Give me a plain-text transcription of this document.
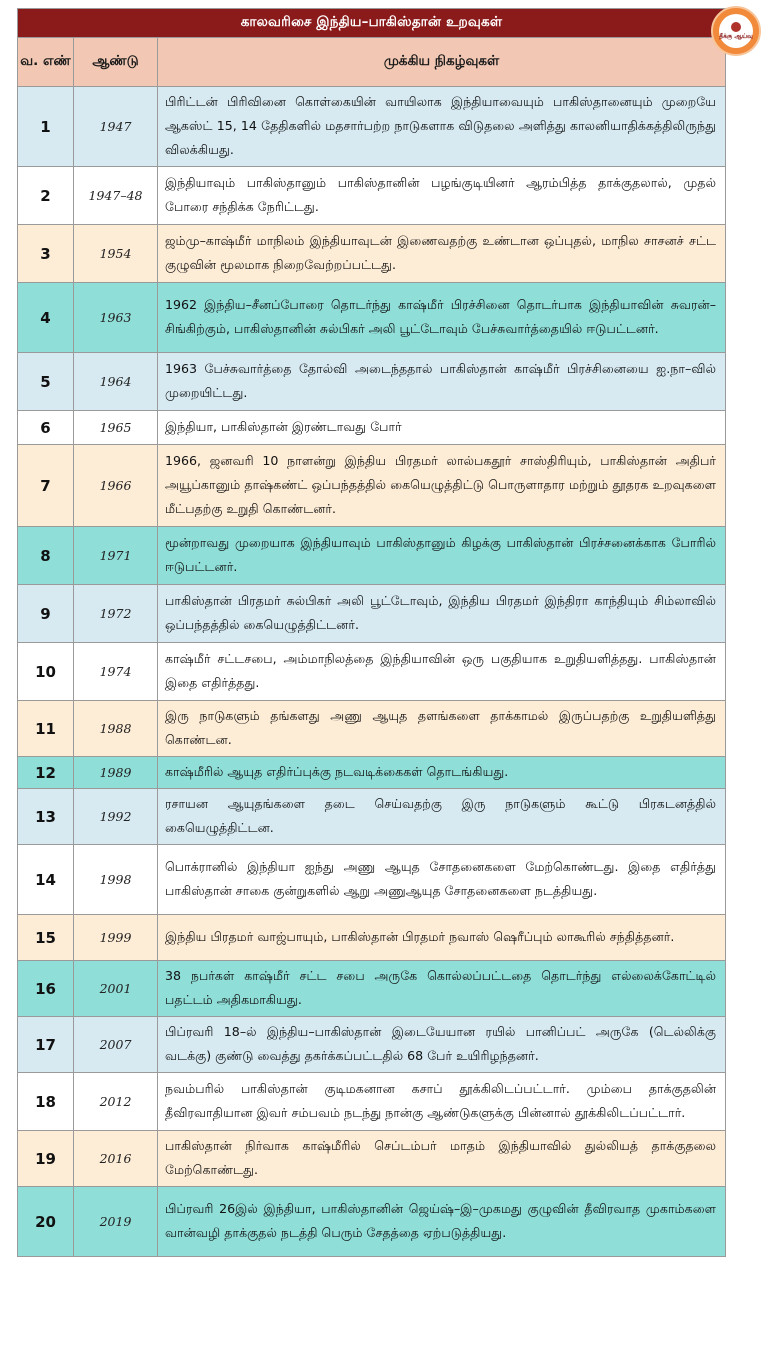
காலவரிசை இந்திய–பாகிஸ்தான் உறவுகள்		
வ. எண்	ஆண்டு	முக்கிய நிகழ்வுகள்
1	1947	பிரிட்டன் பிரிவினை கொள்கையின் வாயிலாக இந்தியாவையும் பாகிஸ்தானையும் முறையே ஆகஸ்ட் 15, 14 தேதிகளில் மதசார்பற்ற நாடுகளாக விடுதலை அளித்து காலனியாதிக்கத்திலிருந்து விலக்கியது.
2	1947–48	இந்தியாவும் பாகிஸ்தானும் பாகிஸ்தானின் பழங்குடியினர் ஆரம்பித்த தாக்குதலால், முதல் போரை சந்திக்க நேரிட்டது.
3	1954	ஜம்மு–காஷ்மீர் மாநிலம் இந்தியாவுடன் இணைவதற்கு உண்டான ஒப்புதல், மாநில சாசனச் சட்ட குழுவின் மூலமாக நிறைவேற்றப்பட்டது.
4	1963	1962 இந்திய–சீனப்போரை தொடர்ந்து காஷ்மீர் பிரச்சினை தொடர்பாக இந்தியாவின் சுவரன்–சிங்கிற்கும், பாகிஸ்தானின் சுல்பிகர் அலி பூட்டோவும் பேச்சுவார்த்தையில் ஈடுபட்டனர்.
5	1964	1963 பேச்சுவார்த்தை தோல்வி அடைந்ததால் பாகிஸ்தான் காஷ்மீர் பிரச்சினையை ஐ.நா–வில் முறையிட்டது.
6	1965	இந்தியா, பாகிஸ்தான் இரண்டாவது போர்
7	1966	1966, ஜனவரி 10 நாளன்று இந்திய பிரதமர் லால்பகதூர் சாஸ்திரியும், பாகிஸ்தான் அதிபர் அயூப்கானும் தாஷ்கண்ட் ஒப்பந்தத்தில் கையெழுத்திட்டு பொருளாதார மற்றும் தூதரக உறவுகளை மீட்பதற்கு உறுதி கொண்டனர்.
8	1971	மூன்றாவது முறையாக இந்தியாவும் பாகிஸ்தானும் கிழக்கு பாகிஸ்தான் பிரச்சனைக்காக போரில் ஈடுபட்டனர்.
9	1972	பாகிஸ்தான் பிரதமர் சுல்பிகர் அலி பூட்டோவும், இந்திய பிரதமர் இந்திரா காந்தியும் சிம்லாவில் ஒப்பந்தத்தில் கையெழுத்திட்டனர்.
10	1974	காஷ்மீர் சட்டசபை, அம்மாநிலத்தை இந்தியாவின் ஒரு பகுதியாக உறுதியளித்தது. பாகிஸ்தான் இதை எதிர்த்தது.
11	1988	இரு நாடுகளும் தங்களது அணு ஆயுத தளங்களை தாக்காமல் இருப்பதற்கு உறுதியளித்து கொண்டன.
12	1989	காஷ்மீரில் ஆயுத எதிர்ப்புக்கு நடவடிக்கைகள் தொடங்கியது.
13	1992	ரசாயன ஆயுதங்களை தடை செய்வதற்கு இரு நாடுகளும் கூட்டு பிரகடனத்தில் கையெழுத்திட்டன.
14	1998	பொக்ரானில் இந்தியா ஐந்து அணு ஆயுத சோதனைகளை மேற்கொண்டது. இதை எதிர்த்து பாகிஸ்தான் சாகை குன்றுகளில் ஆறு அணுஆயுத சோதனைகளை நடத்தியது.
15	1999	இந்திய பிரதமர் வாஜ்பாயும், பாகிஸ்தான் பிரதமர் நவாஸ் ஷெரீப்பும் லாகூரில் சந்தித்தனர்.
16	2001	38 நபர்கள் காஷ்மீர் சட்ட சபை அருகே கொல்லப்பட்டதை தொடர்ந்து எல்லைக்கோட்டில் பதட்டம் அதிகமாகியது.
17	2007	பிப்ரவரி 18–ல் இந்திய–பாகிஸ்தான் இடையேயான ரயில் பானிப்பட் அருகே (டெல்லிக்கு வடக்கு) குண்டு வைத்து தகர்க்கப்பட்டதில் 68 பேர் உயிரிழந்தனர்.
18	2012	நவம்பரில் பாகிஸ்தான் குடிமகனான கசாப் தூக்கிலிடப்பட்டார். மும்பை தாக்குதலின் தீவிரவாதியான இவர் சம்பவம் நடந்து நான்கு ஆண்டுகளுக்கு பின்னால் தூக்கிலிடப்பட்டார்.
19	2016	பாகிஸ்தான் நிர்வாக காஷ்மீரில் செப்டம்பர் மாதம் இந்தியாவில் துல்லியத் தாக்குதலை மேற்கொண்டது.
20	2019	பிப்ரவரி 26இல் இந்தியா, பாகிஸ்தானின் ஜெய்ஷ்–இ–முகமது குழுவின் தீவிரவாத முகாம்களை வான்வழி தாக்குதல் நடத்தி பெரும் சேதத்தை ஏற்படுத்தியது.
தீக்கு ஆய்வு
